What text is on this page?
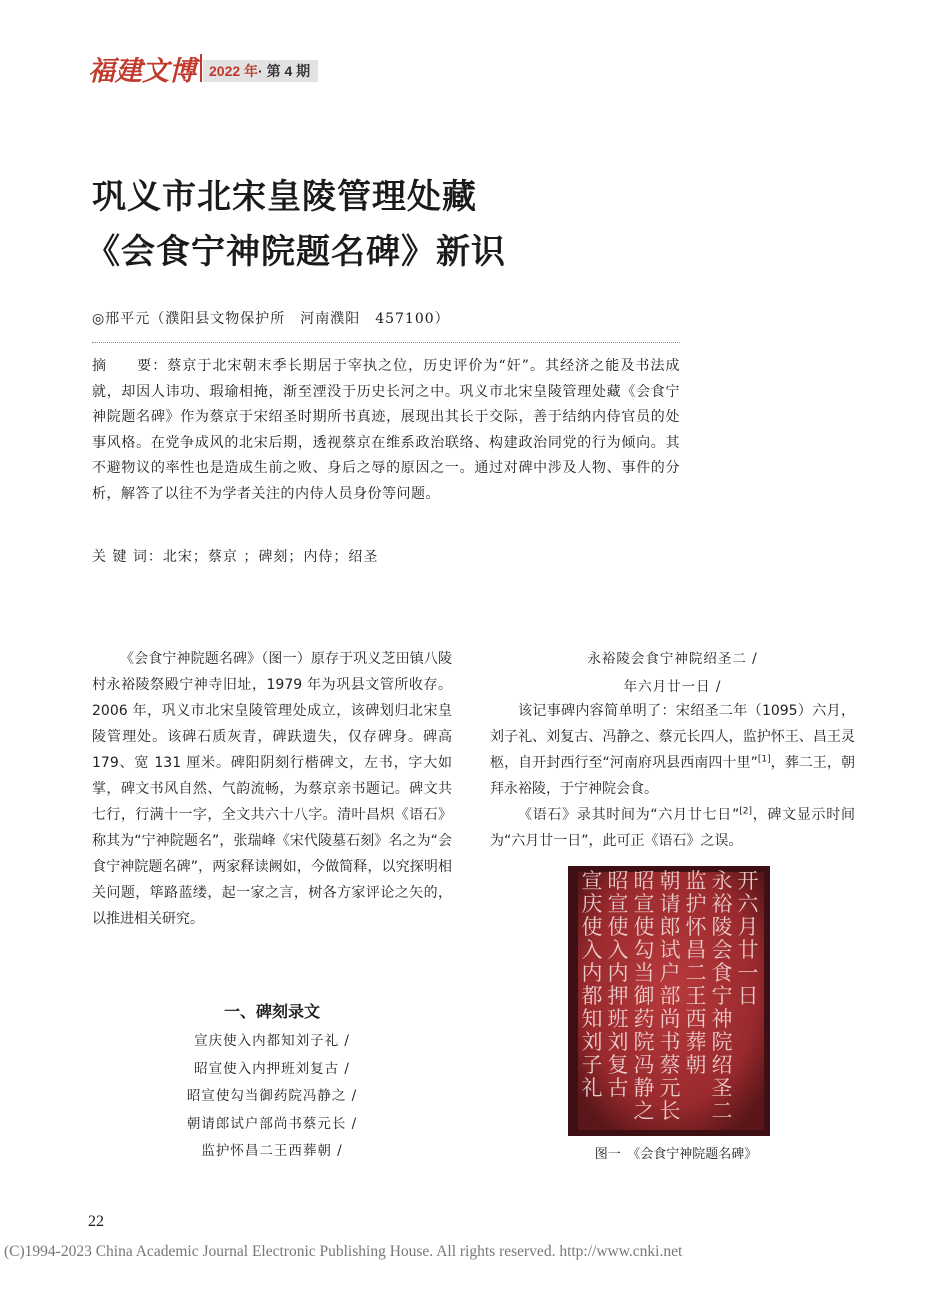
福建文博 2022 年· 第 4 期
巩义市北宋皇陵管理处藏
《会食宁神院题名碑》新识
◎邢平元（濮阳县文物保护所　河南濮阳　457100）
摘　　要：蔡京于北宋朝末季长期居于宰执之位，历史评价为“奸”。其经济之能及书法成就，却因人讳功、瑕瑜相掩，渐至湮没于历史长河之中。巩义市北宋皇陵管理处藏《会食宁神院题名碑》作为蔡京于宋绍圣时期所书真迹，展现出其长于交际，善于结纳内侍官员的处事风格。在党争成风的北宋后期，透视蔡京在维系政治联络、构建政治同党的行为倾向。其不避物议的率性也是造成生前之败、身后之辱的原因之一。通过对碑中涉及人物、事件的分析，解答了以往不为学者关注的内侍人员身份等问题。
关 键 词：北宋；蔡京 ；碑刻；内侍；绍圣

《会食宁神院题名碑》（图一）原存于巩义芝田镇八陵村永裕陵祭殿宁神寺旧址，1979 年为巩县文管所收存。2006 年，巩义市北宋皇陵管理处成立，该碑划归北宋皇陵管理处。该碑石质灰青，碑趺遗失，仅存碑身。碑高 179、宽 131 厘米。碑阳阴刻行楷碑文，左书，字大如掌，碑文书风自然、气韵流畅，为蔡京亲书题记。碑文共七行，行满十一字，全文共六十八字。清叶昌炽《语石》称其为“宁神院题名”，张瑞峰《宋代陵墓石刻》名之为“会食宁神院题名碑”，两家释读阙如，今做简释，以究探明相关问题，筚路蓝缕，起一家之言，树各方家评论之矢的，以推进相关研究。

一、碑刻录文
宣庆使入内都知刘子礼 /
昭宣使入内押班刘复古 /
昭宣使勾当御药院冯静之 /
朝请郎试户部尚书蔡元长 /
监护怀昌二王西葬朝 /
永裕陵会食宁神院绍圣二 /
年六月廿一日 /

该记事碑内容简单明了：宋绍圣二年（1095）六月，刘子礼、刘复古、冯静之、蔡元长四人，监护怀王、昌王灵柩，自开封西行至“河南府巩县西南四十里”[1]，葬二王，朝拜永裕陵，于宁神院会食。

《语石》录其时间为“六月廿七日”[2]，碑文显示时间为“六月廿一日”，此可正《语石》之误。

开
六
月
廿
一
日
永
裕
陵
会
食
宁
神
院
绍
圣
二
监
护
怀
昌
二
王
西
葬
朝
朝
请
郎
试
户
部
尚
书
蔡
元
长
昭
宣
使
勾
当
御
药
院
冯
静
之
昭
宣
使
入
内
押
班
刘
复
古
宣
庆
使
入
内
都
知
刘
子
礼
图一　《会食宁神院题名碑》
22
(C)1994-2023 China Academic Journal Electronic Publishing House. All rights reserved. http://www.cnki.net
